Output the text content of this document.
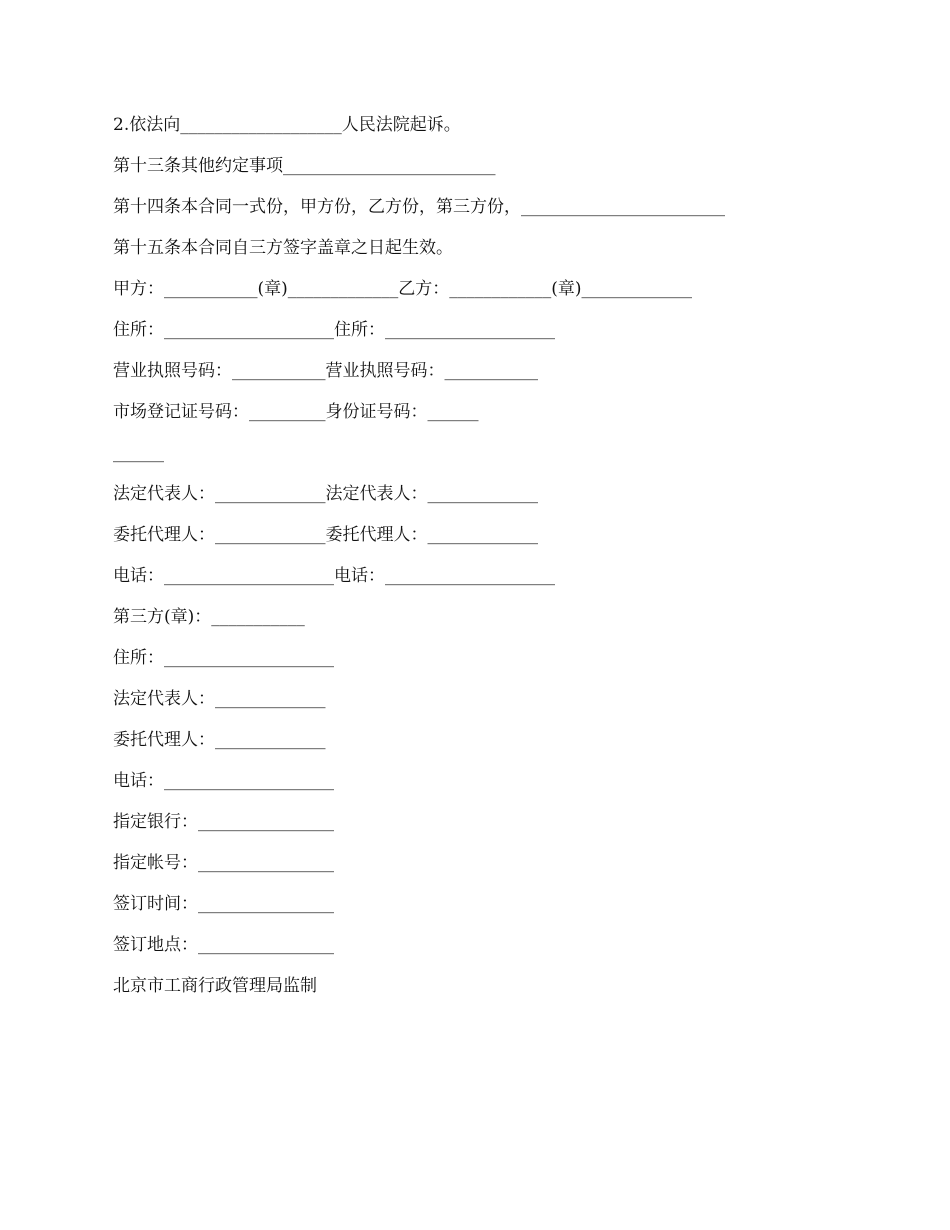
2.依法向___________________人民法院起诉。
第十三条其他约定事项_________________________
第十四条本合同一式份，甲方份，乙方份，第三方份，________________________
第十五条本合同自三方签字盖章之日起生效。
甲方：___________(章)_____________乙方：____________(章)_____________
住所：____________________住所：____________________
营业执照号码：___________营业执照号码：___________
市场登记证号码：_________身份证号码：______
______
法定代表人：_____________法定代表人：_____________
委托代理人：_____________委托代理人：_____________
电话：____________________电话：____________________
第三方(章)：___________
住所：____________________
法定代表人：_____________
委托代理人：_____________
电话：____________________
指定银行：________________
指定帐号：________________
签订时间：________________
签订地点：________________
北京市工商行政管理局监制
